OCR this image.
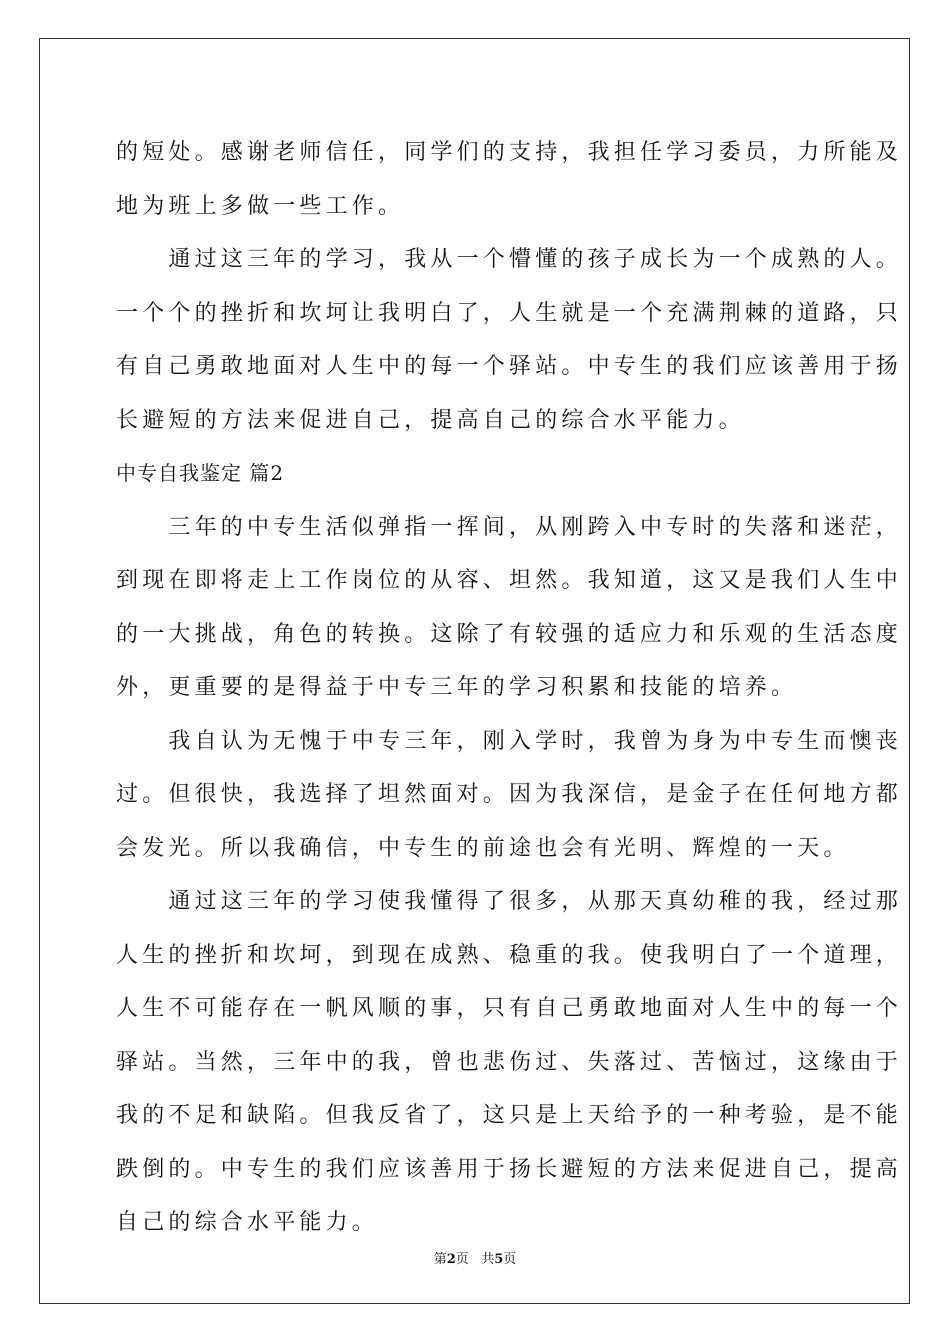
的短处。感谢老师信任，同学们的支持，我担任学习委员，力所能及
地为班上多做一些工作。
　　通过这三年的学习，我从一个懵懂的孩子成长为一个成熟的人。
一个个的挫折和坎坷让我明白了，人生就是一个充满荆棘的道路，只
有自己勇敢地面对人生中的每一个驿站。中专生的我们应该善用于扬
长避短的方法来促进自己，提高自己的综合水平能力。
中专自我鉴定 篇2
　　三年的中专生活似弹指一挥间，从刚跨入中专时的失落和迷茫，
到现在即将走上工作岗位的从容、坦然。我知道，这又是我们人生中
的一大挑战，角色的转换。这除了有较强的适应力和乐观的生活态度
外，更重要的是得益于中专三年的学习积累和技能的培养。
　　我自认为无愧于中专三年，刚入学时，我曾为身为中专生而懊丧
过。但很快，我选择了坦然面对。因为我深信，是金子在任何地方都
会发光。所以我确信，中专生的前途也会有光明、辉煌的一天。
　　通过这三年的学习使我懂得了很多，从那天真幼稚的我，经过那
人生的挫折和坎坷，到现在成熟、稳重的我。使我明白了一个道理，
人生不可能存在一帆风顺的事，只有自己勇敢地面对人生中的每一个
驿站。当然，三年中的我，曾也悲伤过、失落过、苦恼过，这缘由于
我的不足和缺陷。但我反省了，这只是上天给予的一种考验，是不能
跌倒的。中专生的我们应该善用于扬长避短的方法来促进自己，提高
自己的综合水平能力。
第2页 共5页
